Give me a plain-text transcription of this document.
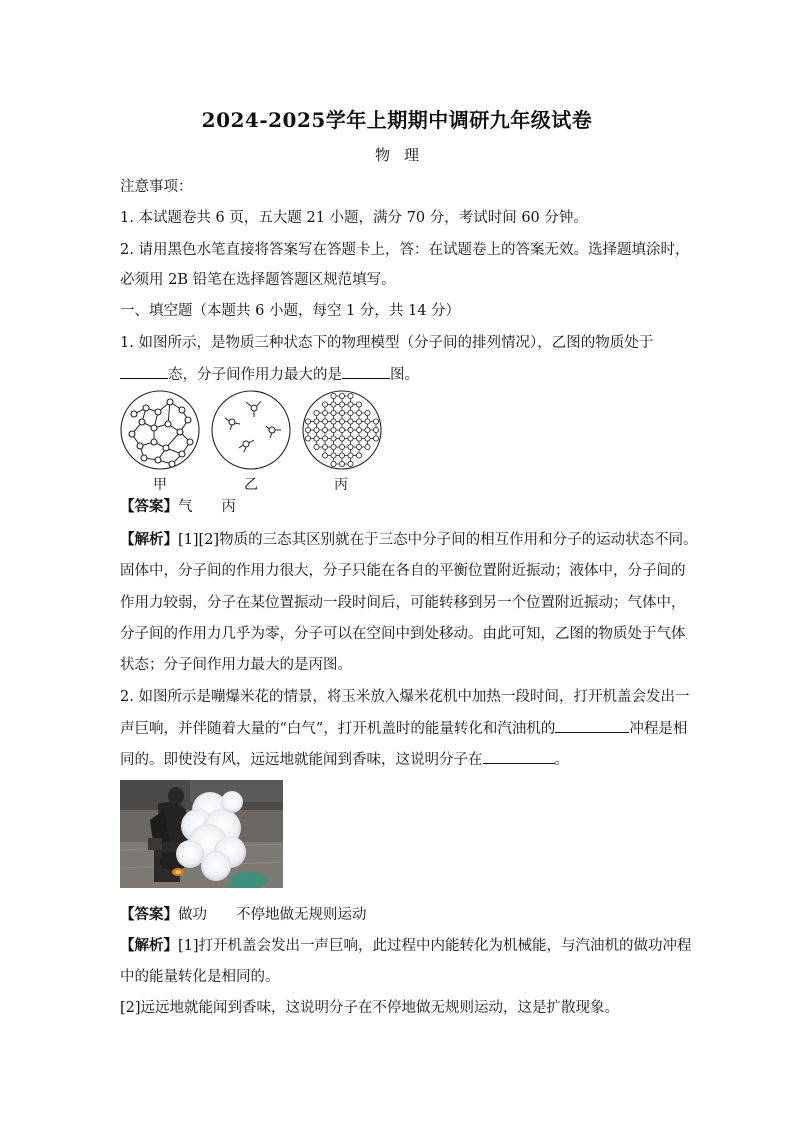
2024-2025学年上期期中调研九年级试卷
物理
注意事项：
1. 本试题卷共 6 页，五大题 21 小题，满分 70 分，考试时间 60 分钟。
2. 请用黑色水笔直接将答案写在答题卡上，答：在试题卷上的答案无效。选择题填涂时，
必须用 2B 铅笔在选择题答题区规范填写。
一、填空题（本题共 6 小题，每空 1 分，共 14 分）
1. 如图所示，是物质三种状态下的物理模型（分子间的排列情况），乙图的物质处于
态，分子间作用力最大的是	图。
甲	乙	丙
【答案】气　　丙
【解析】[1][2]物质的三态其区别就在于三态中分子间的相互作用和分子的运动状态不同。
固体中，分子间的作用力很大，分子只能在各自的平衡位置附近振动；液体中，分子间的
作用力较弱，分子在某位置振动一段时间后，可能转移到另一个位置附近振动；气体中，
分子间的作用力几乎为零，分子可以在空间中到处移动。由此可知，乙图的物质处于气体
状态；分子间作用力最大的是丙图。
2. 如图所示是嘣爆米花的情景，将玉米放入爆米花机中加热一段时间，打开机盖会发出一
声巨响，并伴随着大量的“白气”，打开机盖时的能量转化和汽油机的	冲程是相
同的。即使没有风，远远地就能闻到香味，这说明分子在	。
【答案】做功　　不停地做无规则运动
【解析】[1]打开机盖会发出一声巨响，此过程中内能转化为机械能，与汽油机的做功冲程
中的能量转化是相同的。
[2]远远地就能闻到香味，这说明分子在不停地做无规则运动，这是扩散现象。
